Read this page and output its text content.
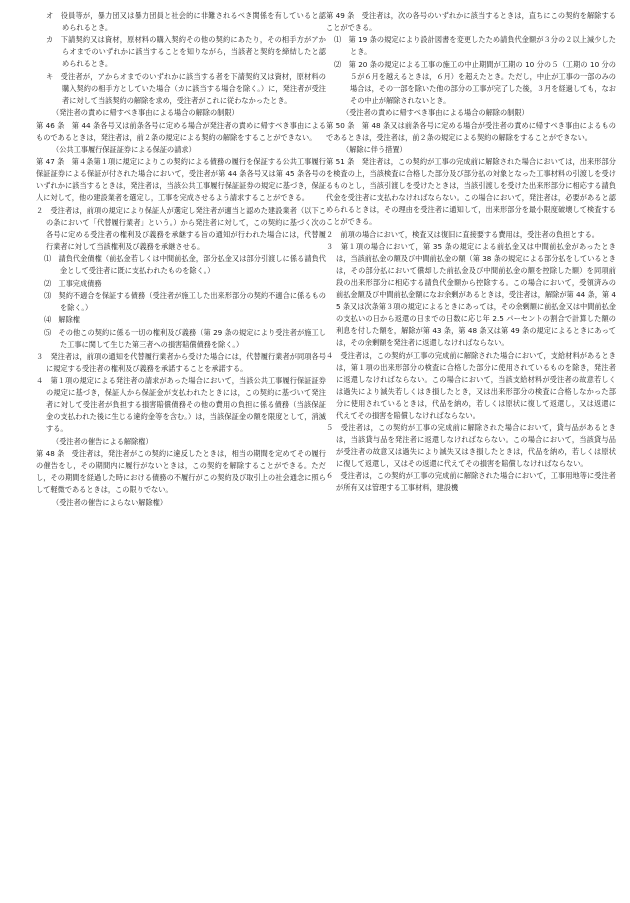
オ　役員等が，暴力団又は暴力団員と社会的に非難されるべき関係を有していると認められるとき。
カ　下請契約又は資材，原材料の購入契約その他の契約にあたり，その相手方がアからオまでのいずれかに該当することを知りながら，当該者と契約を締結したと認められるとき。
キ　受注者が，アからオまでのいずれかに該当する者を下請契約又は資材，原材料の購入契約の相手方としていた場合（カに該当する場合を除く。）に，発注者が受注者に対して当該契約の解除を求め，受注者がこれに従わなかったとき。
（発注者の責めに帰すべき事由による場合の解除の制限）
第 46 条　第 44 条各号又は前条各号に定める場合が発注者の責めに帰すべき事由によるものであるときは，発注者は，前２条の規定による契約の解除をすることができない。
（公共工事履行保証証券による保証の請求）
第 47 条　第４条第１項に規定によりこの契約による債務の履行を保証する公共工事履行保証証券による保証が付された場合において，受注者が第 44 条各号又は第 45 条各号のいずれかに該当するときは，発注者は，当該公共工事履行保証証券の規定に基づき，保証人に対して，他の建設業者を選定し，工事を完成させるよう請求することができる。
２　受注者は，前項の規定により保証人が選定し発注者が適当と認めた建設業者（以下この条において「代替履行業者」という。）から発注者に対して，この契約に基づく次の各号に定める受注者の権利及び義務を承継する旨の通知が行われた場合には，代替履行業者に対して当該権利及び義務を承継させる。
⑴　請負代金債権（前払金若しくは中間前払金，部分払金又は部分引渡しに係る請負代金として受注者に既に支払われたものを除く。）
⑵　工事完成債務
⑶　契約不適合を保証する債務（受注者が施工した出来形部分の契約不適合に係るものを除く。）
⑷　解除権
⑸　その他この契約に係る一切の権利及び義務（第 29 条の規定により受注者が施工した工事に関して生じた第三者への損害賠償債務を除く。）
３　発注者は，前項の通知を代替履行業者から受けた場合には，代替履行業者が同項各号に規定する受注者の権利及び義務を承諾することを承諾する。
４　第１項の規定による発注者の請求があった場合において，当該公共工事履行保証証券の規定に基づき，保証人から保証金が支払われたときには，この契約に基づいて発注者に対して受注者が負担する損害賠償債務その他の費用の負担に係る債務（当該保証金の支払われた後に生じる違約金等を含む。）は，当該保証金の額を限度として，消滅する。
（受注者の催告による解除権）
第 48 条　受注者は，発注者がこの契約に違反したときは，相当の期間を定めてその履行の催告をし，その期間内に履行がないときは，この契約を解除することができる。ただし，その期間を経過した時における債務の不履行がこの契約及び取引上の社会通念に照らして軽微であるときは，この限りでない。
（受注者の催告によらない解除権）
第 49 条　受注者は，次の各号のいずれかに該当するときは，直ちにこの契約を解除することができる。
⑴　第 19 条の規定により設計図書を変更したため請負代金額が３分の２以上減少したとき。
⑵　第 20 条の規定による工事の施工の中止期間が工期の 10 分の５（工期の 10 分の５が６月を越えるときは，６月）を超えたとき。ただし，中止が工事の一部のみの場合は，その一部を除いた他の部分の工事が完了した後，３月を経過しても，なおその中止が解除されないとき。
（受注者の責めに帰すべき事由による場合の解除の制限）
第 50 条　第 48 条又は前条各号に定める場合が受注者の責めに帰すべき事由によるものであるときは，受注者は，前２条の規定による契約の解除をすることができない。
（解除に伴う措置）
第 51 条　発注者は，この契約が工事の完成前に解除された場合においては，出来形部分を検査の上，当該検査に合格した部分及び部分払の対象となった工事材料の引渡しを受けるものとし，当該引渡しを受けたときは，当該引渡しを受けた出来形部分に相応する請負代金を受注者に支払わなければならない。この場合において，発注者は，必要があると認められるときは，その理由を受注者に通知して，出来形部分を最小限度破壊して検査することができる。
２　前項の場合において，検査又は復旧に直接要する費用は，受注者の負担とする。
３　第１項の場合において，第 35 条の規定による前払金又は中間前払金があったときは，当該前払金の額及び中間前払金の額（第 38 条の規定による部分払をしているときは，その部分払において償却した前払金及び中間前払金の額を控除した額）を同項前段の出来形部分に相応する請負代金額から控除する。この場合において，受領済みの前払金額及び中間前払金額になお余剰があるときは，受注者は，解除が第 44 条，第 45 条又は次条第３項の規定によるときにあっては，その余剰額に前払金又は中間前払金の支払いの日から返還の日までの日数に応じ年 2.5 パーセントの割合で計算した額の利息を付した額を，解除が第 43 条，第 48 条又は第 49 条の規定によるときにあっては，その余剰額を発注者に返還しなければならない。
４　受注者は，この契約が工事の完成前に解除された場合において，支給材料があるときは，第１項の出来形部分の検査に合格した部分に使用されているものを除き，発注者に返還しなければならない。この場合において，当該支給材料が受注者の故意若しくは過失により滅失若しくはき損したとき，又は出来形部分の検査に合格しなかった部分に使用されているときは，代品を納め，若しくは原状に復して返還し，又は返還に代えてその損害を賠償しなければならない。
５　受注者は，この契約が工事の完成前に解除された場合において，貸与品があるときは，当該貸与品を発注者に返還しなければならない。この場合において，当該貸与品が受注者の故意又は過失により滅失又はき損したときは，代品を納め，若しくは原状に復して返還し，又はその返還に代えてその損害を賠償しなければならない。
６　受注者は，この契約が工事の完成前に解除された場合において，工事用地等に受注者が所有又は管理する工事材料，建設機
